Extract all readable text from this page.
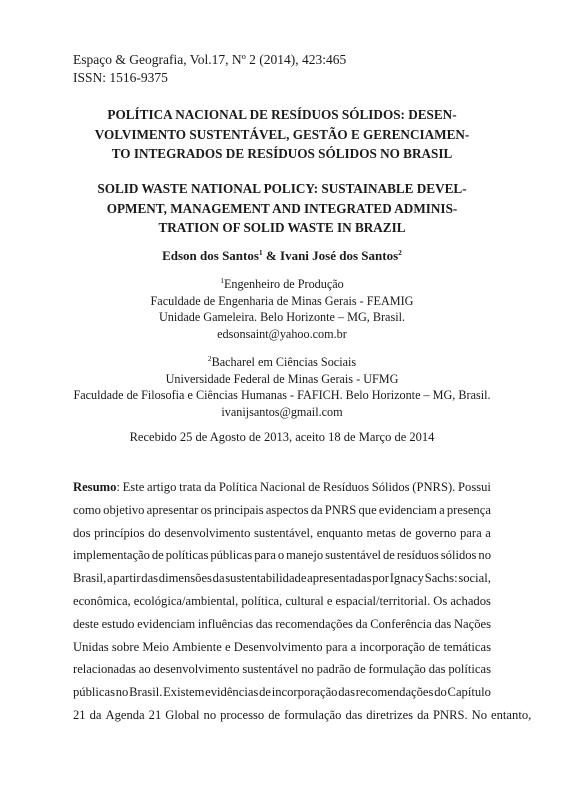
Espaço & Geografia, Vol.17, Nº 2 (2014), 423:465
ISSN: 1516-9375
POLÍTICA NACIONAL DE RESÍDUOS SÓLIDOS: DESEN-
VOLVIMENTO SUSTENTÁVEL, GESTÃO E GERENCIAMEN-
TO INTEGRADOS DE RESÍDUOS SÓLIDOS NO BRASIL
SOLID WASTE NATIONAL POLICY: SUSTAINABLE DEVEL-
OPMENT, MANAGEMENT AND INTEGRATED ADMINIS-
TRATION OF SOLID WASTE IN BRAZIL
Edson dos Santos$^1$ & Ivani José dos Santos$^2$
$^1$Engenheiro de Produção
Faculdade de Engenharia de Minas Gerais - FEAMIG
Unidade Gameleira. Belo Horizonte – MG, Brasil.
edsonsaint@yahoo.com.br
$^2$Bacharel em Ciências Sociais
Universidade Federal de Minas Gerais - UFMG
Faculdade de Filosofia e Ciências Humanas - FAFICH. Belo Horizonte – MG, Brasil.
ivanijsantos@gmail.com
Recebido 25 de Agosto de 2013, aceito 18 de Março de 2014
Resumo: Este artigo trata da Política Nacional de Resíduos Sólidos (PNRS). Possui
como objetivo apresentar os principais aspectos da PNRS que evidenciam a presença
dos princípios do desenvolvimento sustentável, enquanto metas de governo para a
implementação de políticas públicas para o manejo sustentável de resíduos sólidos no
Brasil, a partir das dimensões da sustentabilidade apresentadas por Ignacy Sachs: social,
econômica, ecológica/ambiental, política, cultural e espacial/territorial. Os achados
deste estudo evidenciam influências das recomendações da Conferência das Nações
Unidas sobre Meio Ambiente e Desenvolvimento para a incorporação de temáticas
relacionadas ao desenvolvimento sustentável no padrão de formulação das políticas
públicas no Brasil. Existem evidências de incorporação das recomendações do Capítulo
21 da Agenda 21 Global no processo de formulação das diretrizes da PNRS. No entanto,
